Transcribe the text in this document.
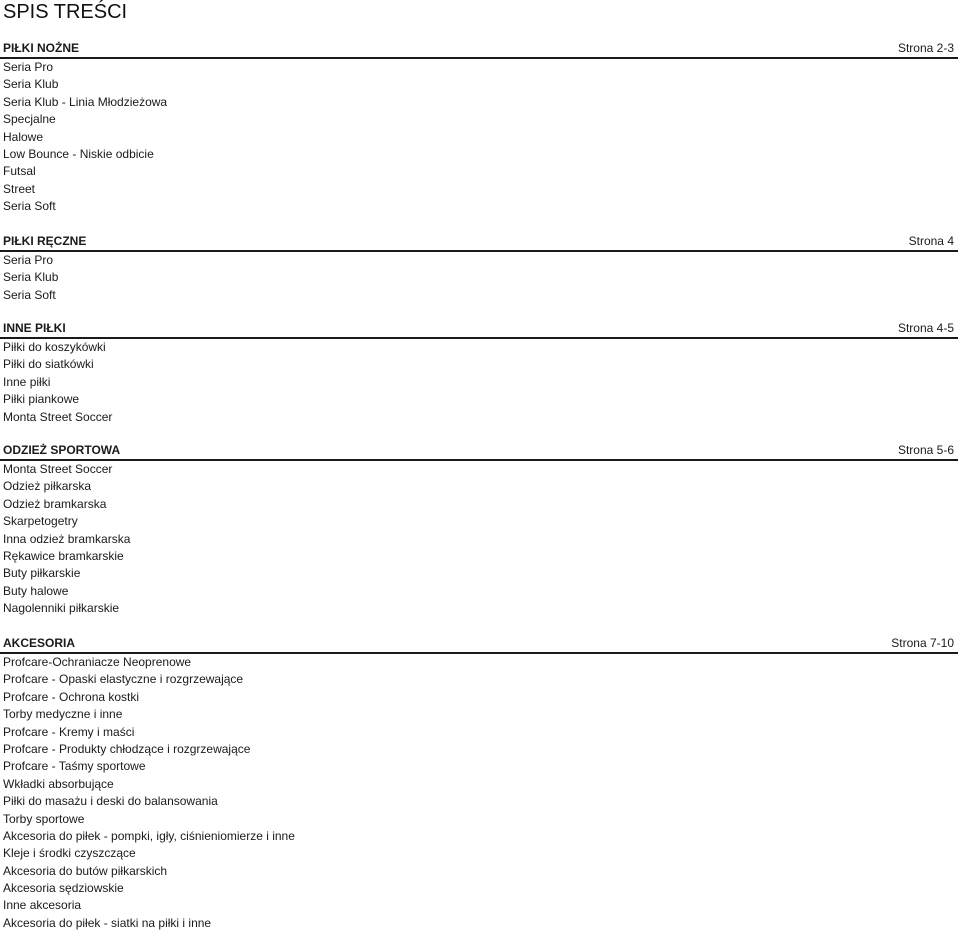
SPIS TREŚCI
PIŁKI NOŻNE	Strona 2-3
Seria Pro
Seria Klub
Seria Klub - Linia Młodzieżowa
Specjalne
Halowe
Low Bounce - Niskie odbicie
Futsal
Street
Seria Soft
PIŁKI RĘCZNE	Strona 4
Seria Pro
Seria Klub
Seria Soft
INNE PIŁKI	Strona 4-5
Piłki do koszykówki
Piłki do siatkówki
Inne piłki
Piłki piankowe
Monta Street Soccer
ODZIEŻ SPORTOWA	Strona 5-6
Monta Street Soccer
Odzież piłkarska
Odzież bramkarska
Skarpetogetry
Inna odzież bramkarska
Rękawice bramkarskie
Buty piłkarskie
Buty halowe
Nagolenniki piłkarskie
AKCESORIA	Strona 7-10
Profcare-Ochraniacze Neoprenowe
Profcare - Opaski elastyczne i rozgrzewające
Profcare - Ochrona kostki
Torby medyczne i inne
Profcare - Kremy i maści
Profcare - Produkty chłodzące i rozgrzewające
Profcare - Taśmy sportowe
Wkładki absorbujące
Piłki do masażu i deski do balansowania
Torby sportowe
Akcesoria do piłek - pompki, igły, ciśnieniomierze i inne
Kleje i środki czyszczące
Akcesoria do butów piłkarskich
Akcesoria sędziowskie
Inne akcesoria
Akcesoria do piłek - siatki na piłki i inne
